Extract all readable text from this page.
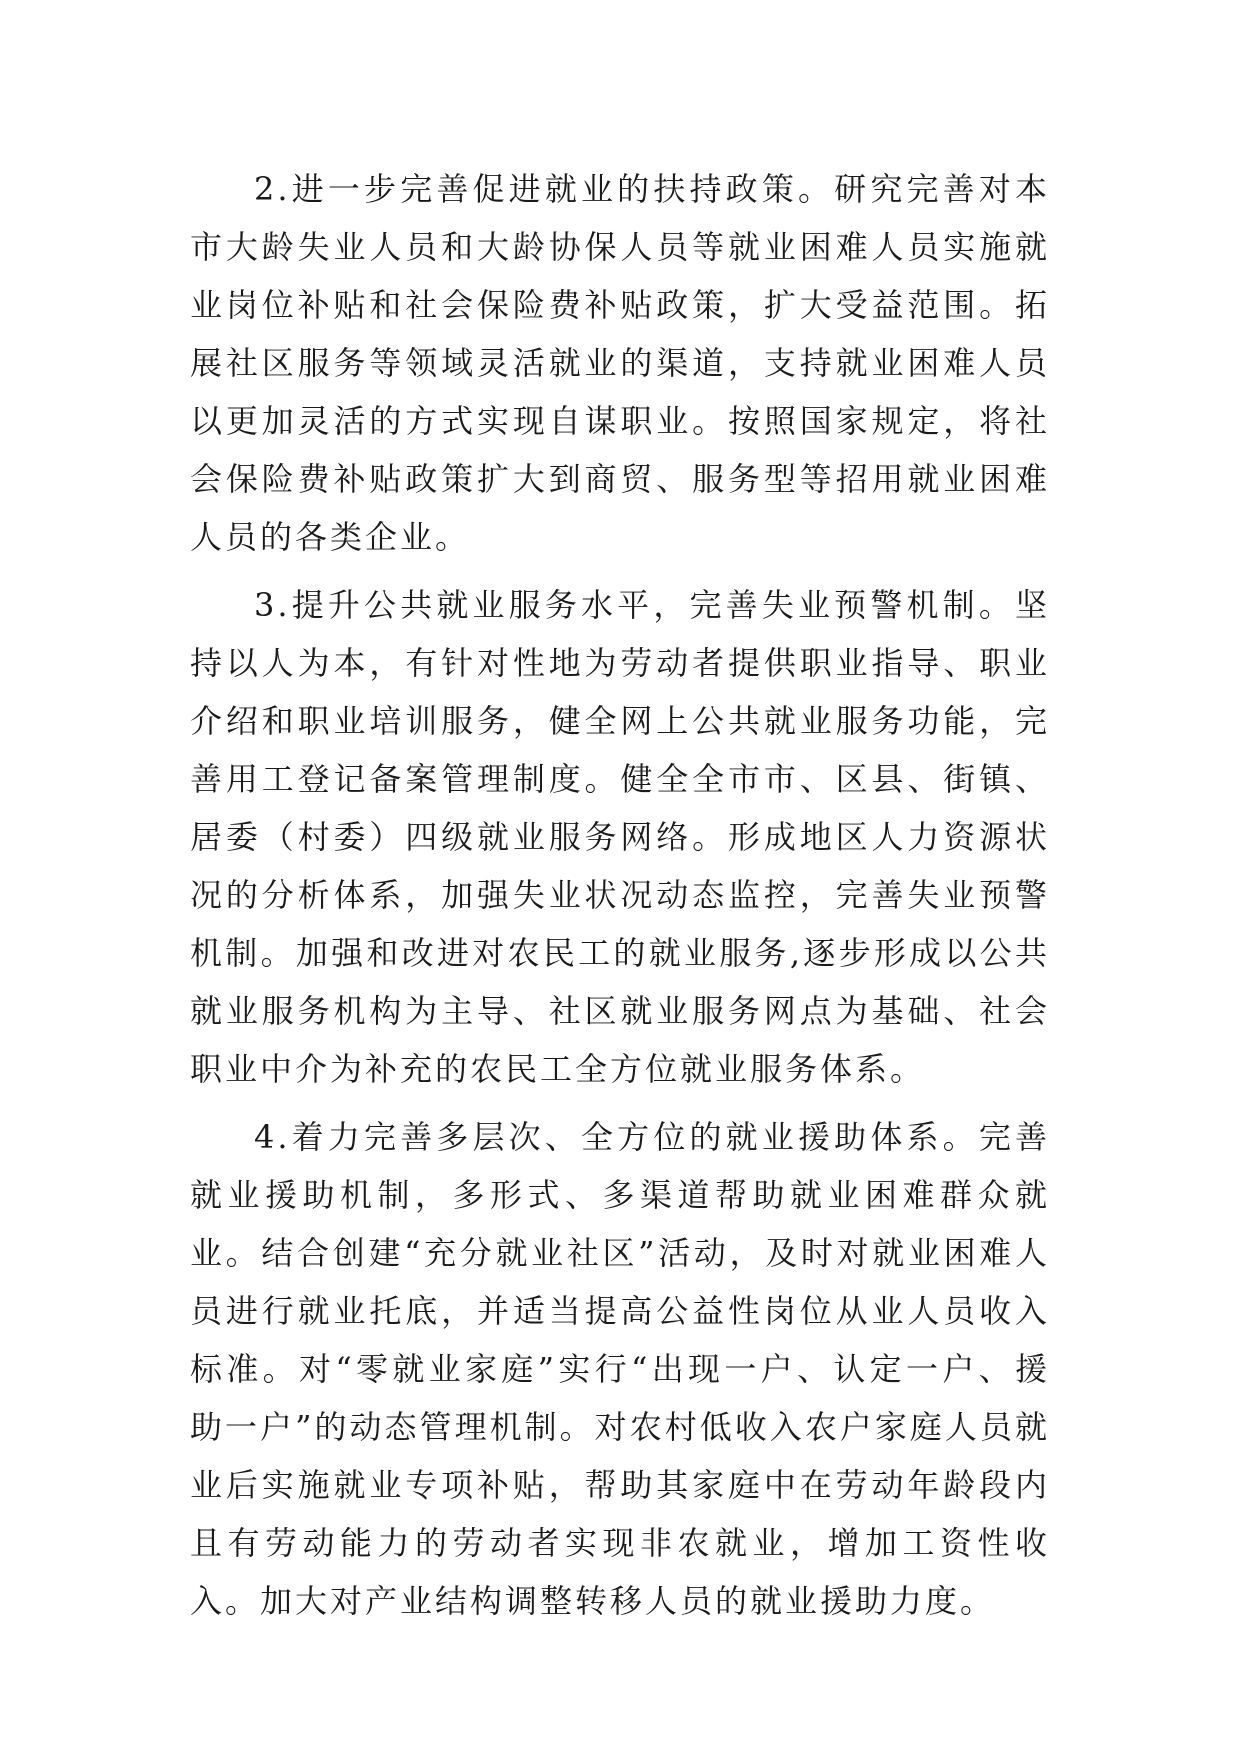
2.进一步完善促进就业的扶持政策。研究完善对本市大龄失业人员和大龄协保人员等就业困难人员实施就业岗位补贴和社会保险费补贴政策，扩大受益范围。拓展社区服务等领域灵活就业的渠道，支持就业困难人员以更加灵活的方式实现自谋职业。按照国家规定，将社会保险费补贴政策扩大到商贸、服务型等招用就业困难人员的各类企业。

3.提升公共就业服务水平，完善失业预警机制。坚持以人为本，有针对性地为劳动者提供职业指导、职业介绍和职业培训服务，健全网上公共就业服务功能，完善用工登记备案管理制度。健全全市市、区县、街镇、居委（村委）四级就业服务网络。形成地区人力资源状况的分析体系，加强失业状况动态监控，完善失业预警机制。加强和改进对农民工的就业服务,逐步形成以公共就业服务机构为主导、社区就业服务网点为基础、社会职业中介为补充的农民工全方位就业服务体系。

4.着力完善多层次、全方位的就业援助体系。完善就业援助机制，多形式、多渠道帮助就业困难群众就业。结合创建“充分就业社区”活动，及时对就业困难人员进行就业托底，并适当提高公益性岗位从业人员收入标准。对“零就业家庭”实行“出现一户、认定一户、援助一户”的动态管理机制。对农村低收入农户家庭人员就业后实施就业专项补贴，帮助其家庭中在劳动年龄段内且有劳动能力的劳动者实现非农就业，增加工资性收入。加大对产业结构调整转移人员的就业援助力度。
